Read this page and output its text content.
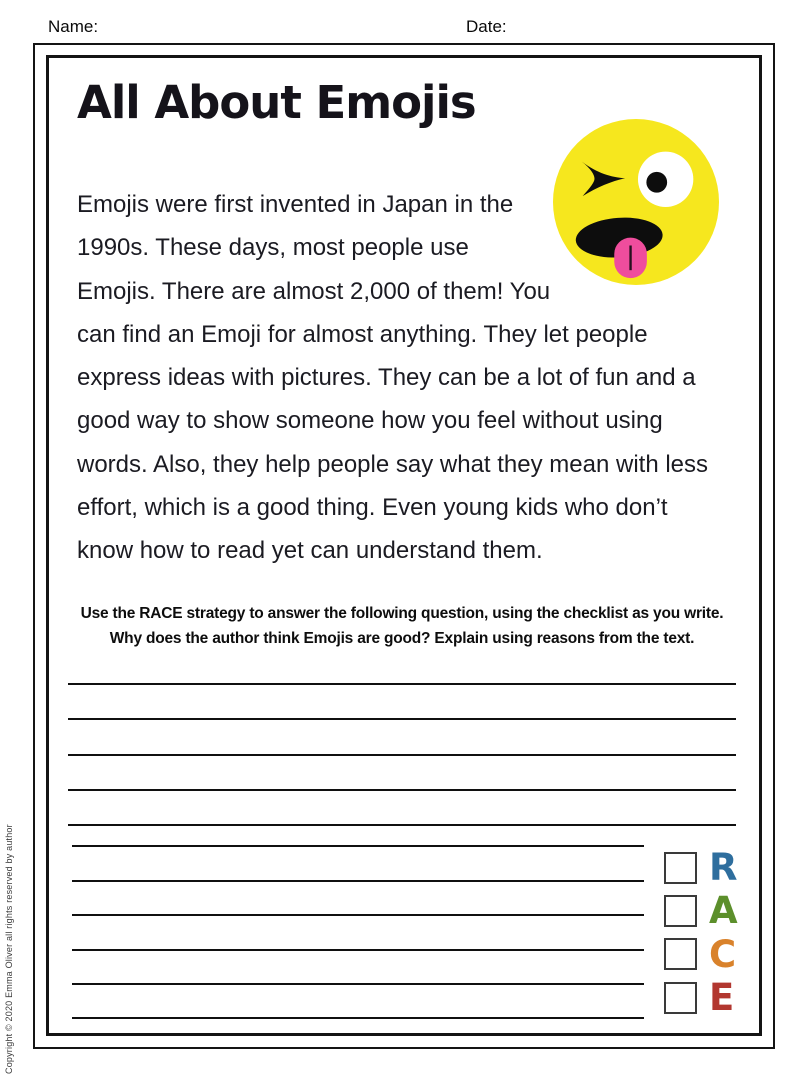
Name:	Date:
All About Emojis
Emojis were first invented in Japan in the
1990s. These days, most people use
Emojis. There are almost 2,000 of them! You
can find an Emoji for almost anything. They let people
express ideas with pictures. They can be a lot of fun and a
good way to show someone how you feel without using
words. Also, they help people say what they mean with less
effort, which is a good thing. Even young kids who don’t
know how to read yet can understand them.
Use the RACE strategy to answer the following question, using the checklist as you write.
Why does the author think Emojis are good? Explain using reasons from the text.
R
A
C
E
Copyright © 2020 Emma Oliver all rights reserved by author
